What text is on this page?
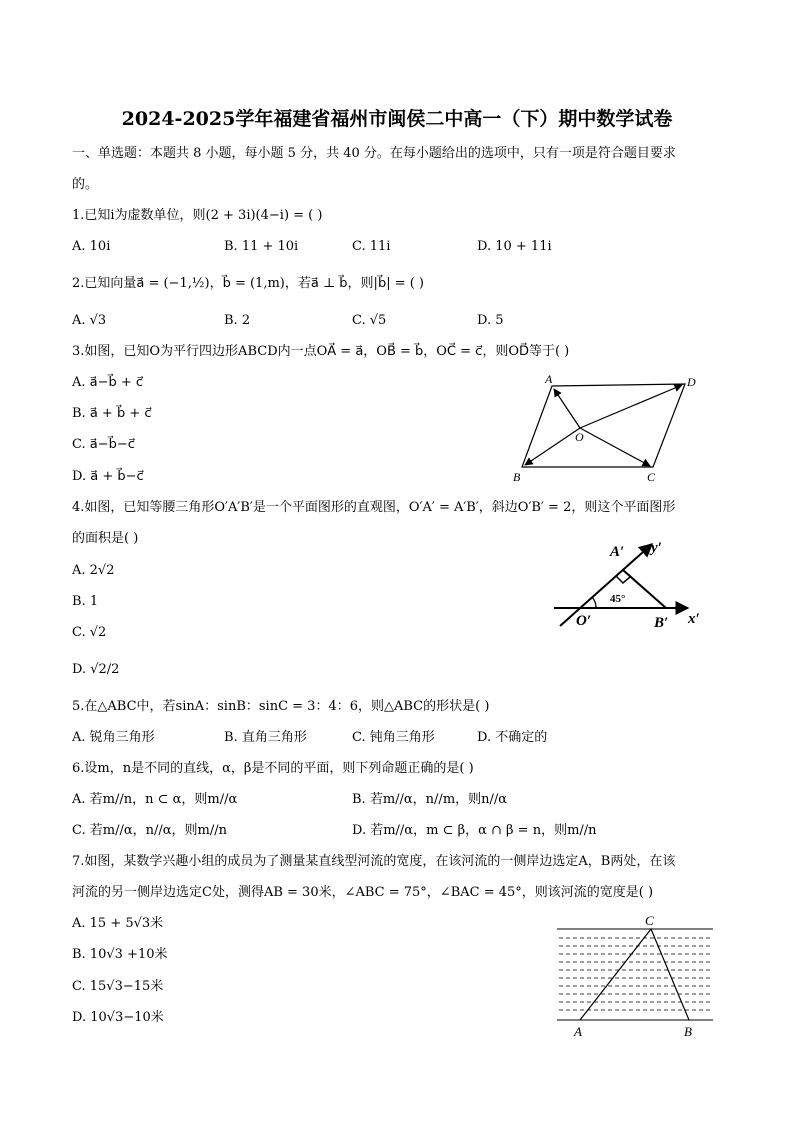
2024-2025学年福建省福州市闽侯二中高一（下）期中数学试卷
一、单选题：本题共 8 小题，每小题 5 分，共 40 分。在每小题给出的选项中，只有一项是符合题目要求
的。
1.已知i为虚数单位，则(2 + 3i)(4−i) = ( )
A. 10i	B. 11 + 10i	C. 11i	D. 10 + 11i
2.已知向量a⃗ = (−1,½)，b⃗ = (1,m)，若a⃗ ⊥ b⃗，则|b⃗| = ( )
A. √3	B. 2	C. √5	D. 5
3.如图，已知O为平行四边形ABCD内一点OA⃗ = a⃗，OB⃗ = b⃗，OC⃗ = c⃗，则OD⃗等于( )
A. a⃗−b⃗ + c⃗
B. a⃗ + b⃗ + c⃗
C. a⃗−b⃗−c⃗
D. a⃗ + b⃗−c⃗
A	D
O
B	C
4.如图，已知等腰三角形O′A′B′是一个平面图形的直观图，O′A′ = A′B′，斜边O′B′ = 2，则这个平面图形
的面积是( )
A. 2√2
B. 1
C. √2
D. √2/2
A′ y′
45°
O′	B′ x′
5.在△ABC中，若sinA：sinB：sinC = 3：4：6，则△ABC的形状是( )
A. 锐角三角形	B. 直角三角形	C. 钝角三角形	D. 不确定的
6.设m，n是不同的直线，α，β是不同的平面，则下列命题正确的是( )
A. 若m//n，n ⊂ α，则m//α	B. 若m//α，n//m，则n//α
C. 若m//α，n//α，则m//n	D. 若m//α，m ⊂ β，α ∩ β = n，则m//n
7.如图，某数学兴趣小组的成员为了测量某直线型河流的宽度，在该河流的一侧岸边选定A，B两处，在该
河流的另一侧岸边选定C处，测得AB = 30米，∠ABC = 75°，∠BAC = 45°，则该河流的宽度是( )
A. 15 + 5√3米
B. 10√3 +10米
C. 15√3−15米
D. 10√3−10米
C
A	B
